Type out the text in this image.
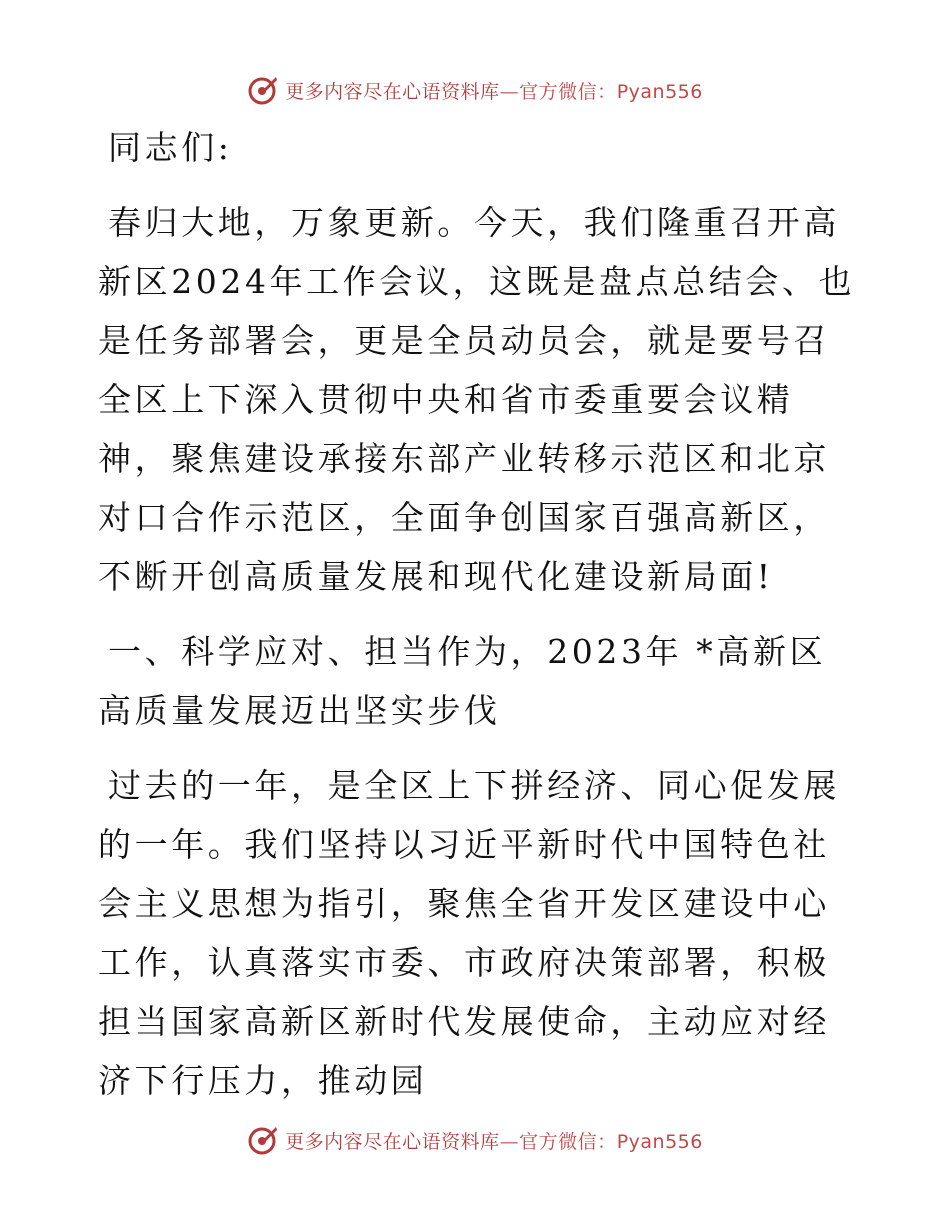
更多内容尽在心语资料库—官方微信：Pyan556

同志们:

春归大地，万象更新。今天，我们隆重召开高新区2024年工作会议，这既是盘点总结会、也是任务部署会，更是全员动员会，就是要号召全区上下深入贯彻中央和省市委重要会议精神，聚焦建设承接东部产业转移示范区和北京对口合作示范区，全面争创国家百强高新区，不断开创高质量发展和现代化建设新局面!

一、科学应对、担当作为，2023年 *高新区高质量发展迈出坚实步伐

过去的一年，是全区上下拼经济、同心促发展的一年。我们坚持以习近平新时代中国特色社会主义思想为指引，聚焦全省开发区建设中心工作，认真落实市委、市政府决策部署，积极担当国家高新区新时代发展使命，主动应对经济下行压力，推动园

更多内容尽在心语资料库—官方微信：Pyan556
